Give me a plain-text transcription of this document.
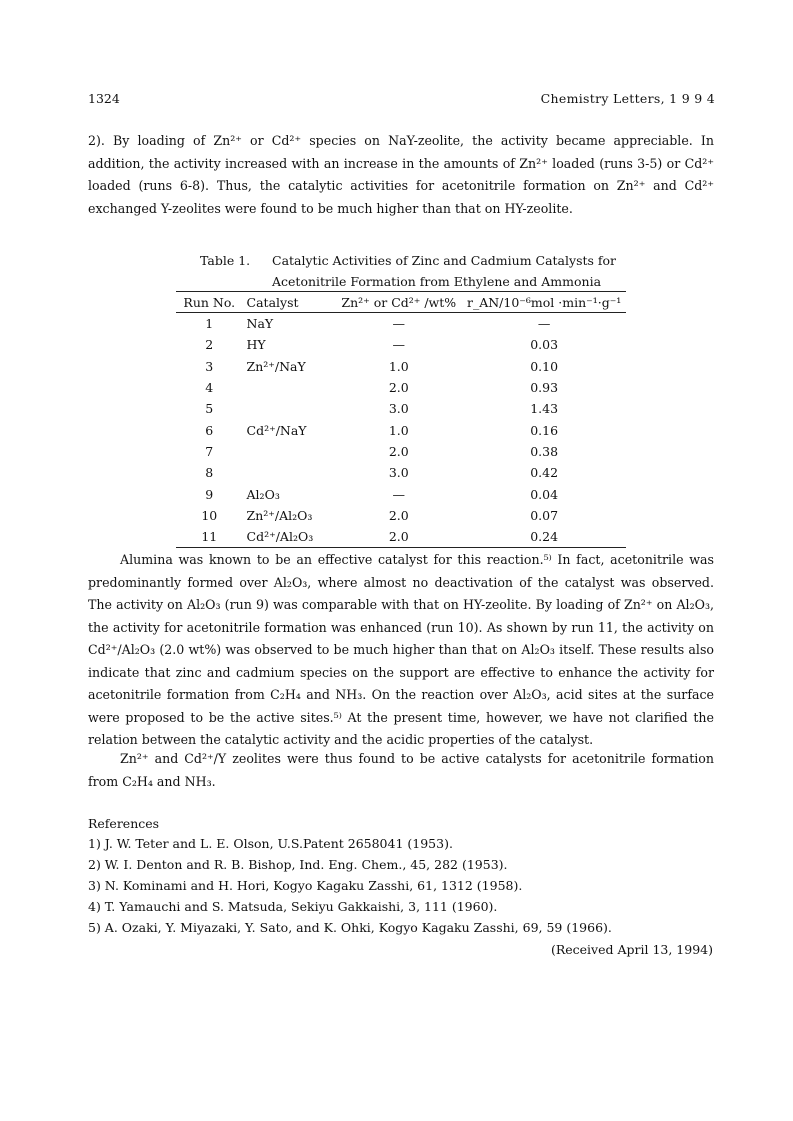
1324	Chemistry Letters, 1 9 9 4

2). By loading of Zn²⁺ or Cd²⁺ species on NaY-zeolite, the activity became appreciable. In addition, the activity increased with an increase in the amounts of Zn²⁺ loaded (runs 3-5) or Cd²⁺ loaded (runs 6-8). Thus, the catalytic activities for acetonitrile formation on Zn²⁺ and Cd²⁺ exchanged Y-zeolites were found to be much higher than that on HY-zeolite.

Table 1. Catalytic Activities of Zinc and Cadmium Catalysts for Acetonitrile Formation from Ethylene and Ammonia
Run No.	Catalyst	Zn²⁺ or Cd²⁺ /wt%	r_AN/10⁻⁶mol ·min⁻¹·g⁻¹
1	NaY	—	—
2	HY	—	0.03
3	Zn²⁺/NaY	1.0	0.10
4		2.0	0.93
5		3.0	1.43
6	Cd²⁺/NaY	1.0	0.16
7		2.0	0.38
8		3.0	0.42
9	Al₂O₃	—	0.04
10	Zn²⁺/Al₂O₃	2.0	0.07
11	Cd²⁺/Al₂O₃	2.0	0.24

Alumina was known to be an effective catalyst for this reaction.⁵⁾ In fact, acetonitrile was predominantly formed over Al₂O₃, where almost no deactivation of the catalyst was observed. The activity on Al₂O₃ (run 9) was comparable with that on HY-zeolite. By loading of Zn²⁺ on Al₂O₃, the activity for acetonitrile formation was enhanced (run 10). As shown by run 11, the activity on Cd²⁺/Al₂O₃ (2.0 wt%) was observed to be much higher than that on Al₂O₃ itself. These results also indicate that zinc and cadmium species on the support are effective to enhance the activity for acetonitrile formation from C₂H₄ and NH₃. On the reaction over Al₂O₃, acid sites at the surface were proposed to be the active sites.⁵⁾ At the present time, however, we have not clarified the relation between the catalytic activity and the acidic properties of the catalyst.

Zn²⁺ and Cd²⁺/Y zeolites were thus found to be active catalysts for acetonitrile formation from C₂H₄ and NH₃.

References
1) J. W. Teter and L. E. Olson, U.S.Patent 2658041 (1953).
2) W. I. Denton and R. B. Bishop, Ind. Eng. Chem., 45, 282 (1953).
3) N. Kominami and H. Hori, Kogyo Kagaku Zasshi, 61, 1312 (1958).
4) T. Yamauchi and S. Matsuda, Sekiyu Gakkaishi, 3, 111 (1960).
5) A. Ozaki, Y. Miyazaki, Y. Sato, and K. Ohki, Kogyo Kagaku Zasshi, 69, 59 (1966).
(Received April 13, 1994)
